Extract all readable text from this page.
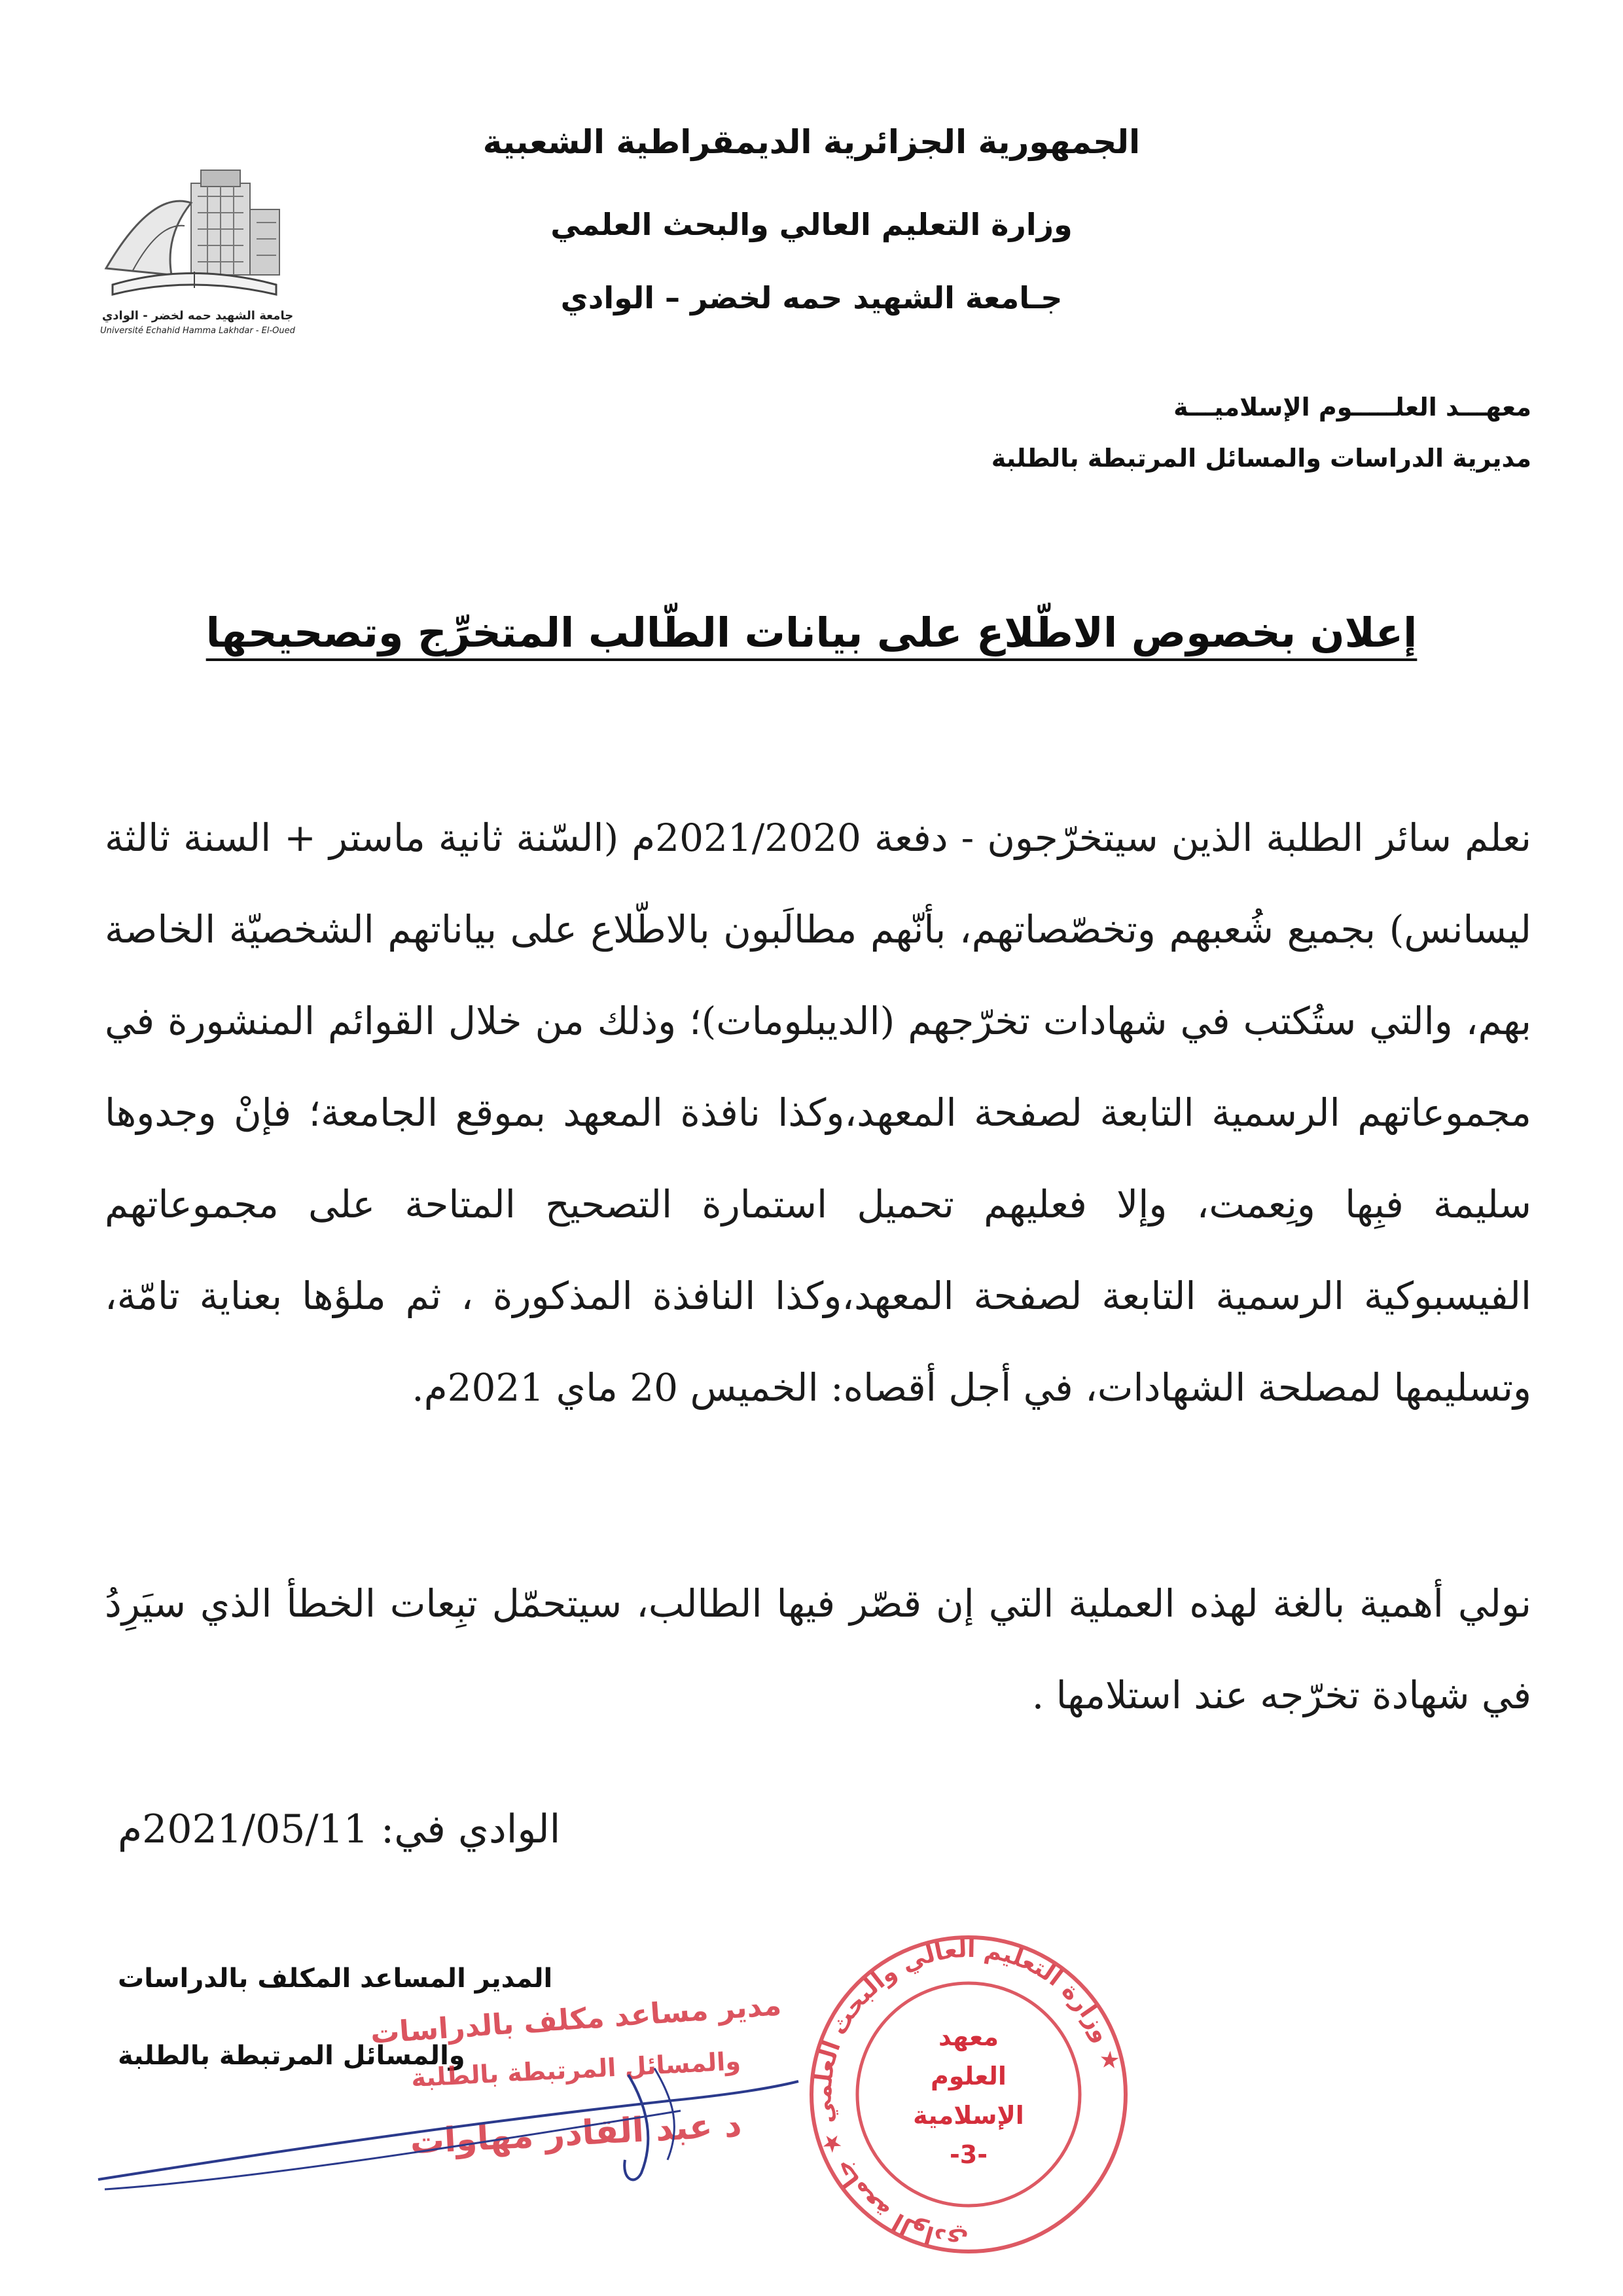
الجمهورية الجزائرية الديمقراطية الشعبية
وزارة التعليم العالي والبحث العلمي
جـامعة الشهيد حمه لخضر – الوادي
جامعة الشهيد حمه لخضر - الوادي
Université Echahid Hamma Lakhdar - El-Oued
معهـــد العلـــــوم الإسلاميـــة
مديرية الدراسات والمسائل المرتبطة بالطلبة
إعلان بخصوص الاطّلاع على بيانات الطّالب المتخرِّج وتصحيحها
نعلم سائر الطلبة الذين سيتخرّجون - دفعة 2021/2020م (السّنة ثانية ماستر + السنة ثالثة ليسانس) بجميع شُعبهم وتخصّصاتهم، بأنّهم مطالَبون بالاطّلاع على بياناتهم الشخصيّة الخاصة بهم، والتي ستُكتب في شهادات تخرّجهم (الديبلومات)؛ وذلك من خلال القوائم المنشورة في مجموعاتهم الرسمية التابعة لصفحة المعهد،وكذا نافذة المعهد بموقع الجامعة؛ فإنْ وجدوها سليمة فبِها ونِعمت، وإلا فعليهم تحميل استمارة التصحيح المتاحة على مجموعاتهم الفيسبوكية الرسمية التابعة لصفحة المعهد،وكذا النافذة المذكورة ، ثم ملؤها بعناية تامّة، وتسليمها لمصلحة الشهادات، في أجل أقصاه: الخميس 20 ماي 2021م.
نولي أهمية بالغة لهذه العملية التي إن قصّر فيها الطالب، سيتحمّل تبِعات الخطأ الذي سيَرِدُ في شهادة تخرّجه عند استلامها .
الوادي في: 2021/05/11م
المدير المساعد المكلف بالدراسات
والمسائل المرتبطة بالطلبة
مدير مساعد مكلف بالدراسات
والمسائل المرتبطة بالطلبة
د عبد القادر مهاوات
وزارة التعليم العالي والبحث العلمي ★ جامعة الوادي ★
معهد
العلوم
الإسلامية
-3-
